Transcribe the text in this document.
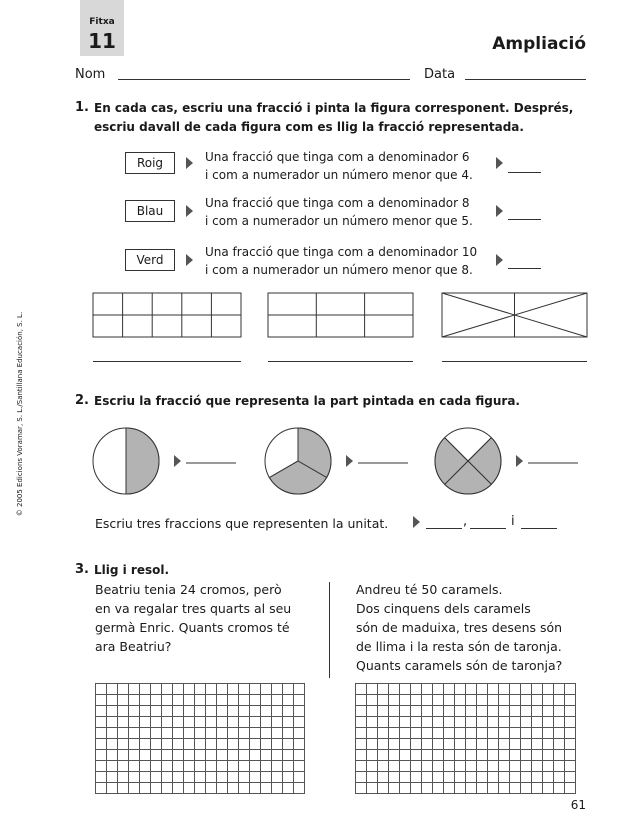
Fitxa
11	Ampliació
Nom	Data
© 2005 Edicions Voramar, S. L./Santillana Educación, S. L.
1. En cada cas, escriu una fracció i pinta la figura corresponent. Després,
escriu davall de cada figura com es llig la fracció representada.
Roig	Una fracció que tinga com a denominador 6
i com a numerador un número menor que 4.
Blau
Una fracció que tinga com a denominador 8
i com a numerador un número menor que 5.
Verd
Una fracció que tinga com a denominador 10
i com a numerador un número menor que 8.
2. Escriu la fracció que representa la part pintada en cada figura.
Escriu tres fraccions que representen la unitat.	,	i
3. Llig i resol.
Beatriu tenia 24 cromos, però
en va regalar tres quarts al seu
germà Enric. Quants cromos té
ara Beatriu?
Andreu té 50 caramels.
Dos cinquens dels caramels
són de maduixa, tres desens són
de llima i la resta són de taronja.
Quants caramels són de taronja?
61
